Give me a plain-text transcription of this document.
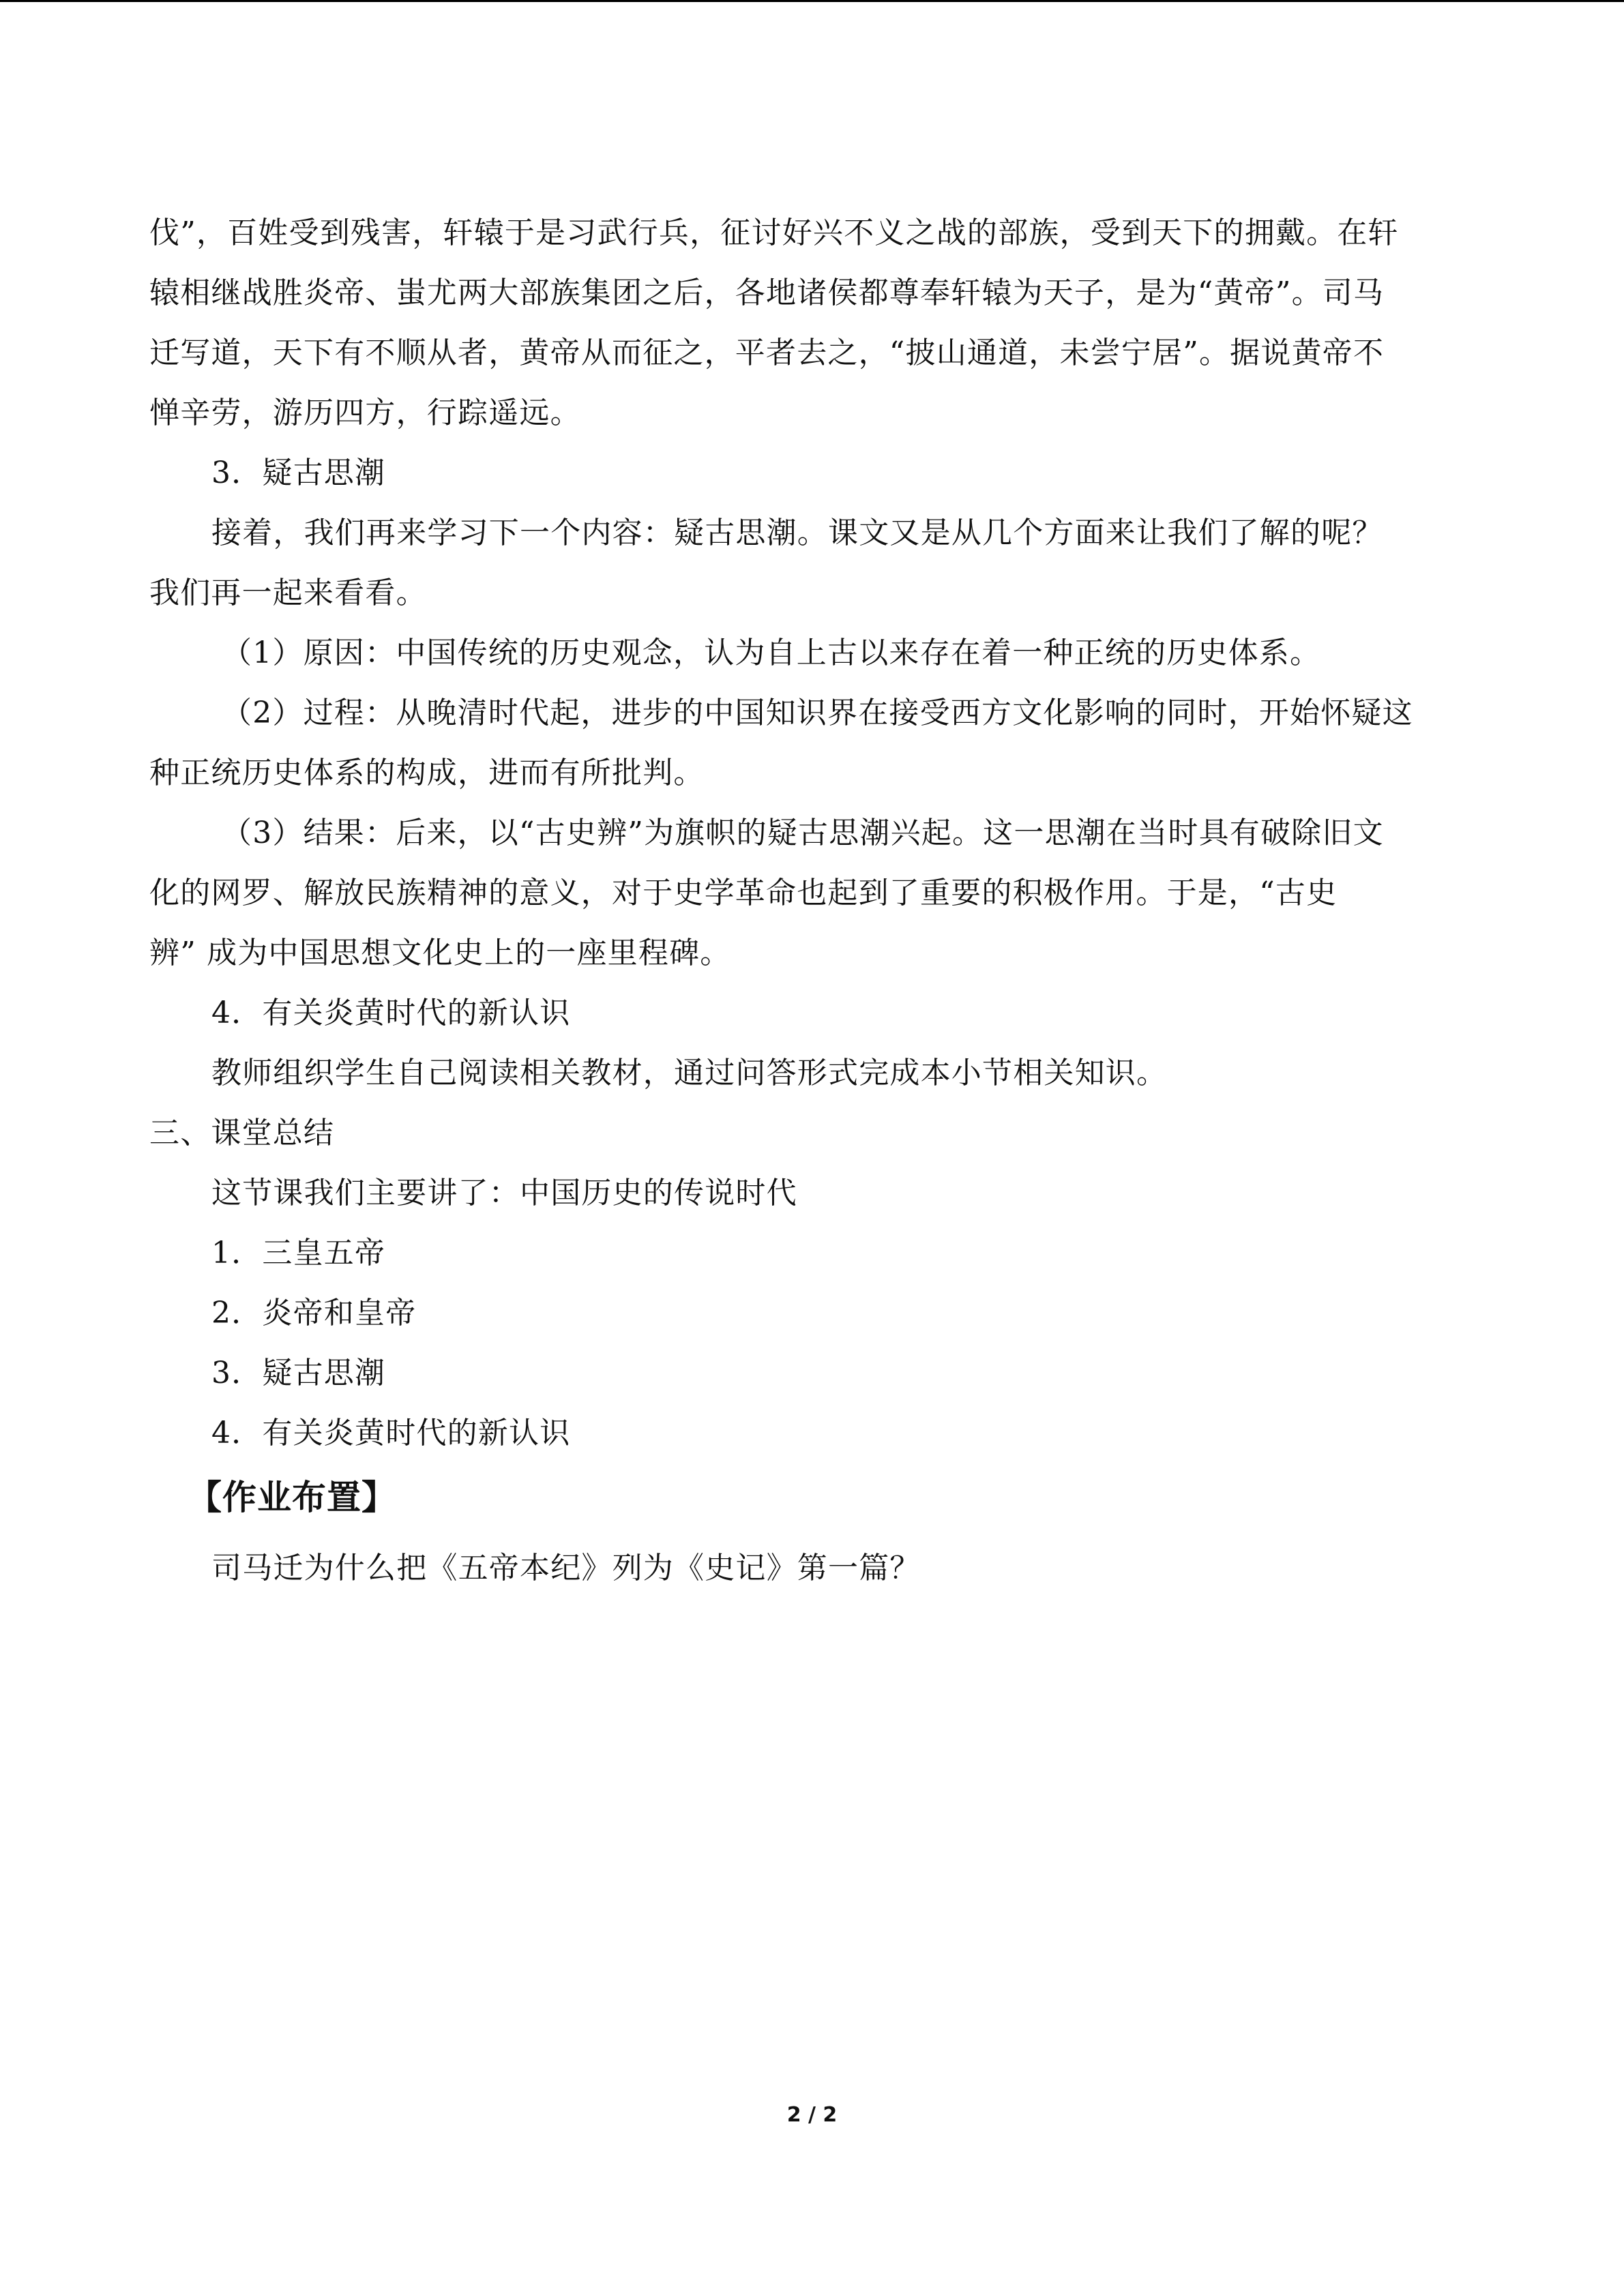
伐”，百姓受到残害，轩辕于是习武行兵，征讨好兴不义之战的部族，受到天下的拥戴。在轩
辕相继战胜炎帝、蚩尤两大部族集团之后，各地诸侯都尊奉轩辕为天子，是为“黄帝”。司马
迁写道，天下有不顺从者，黄帝从而征之，平者去之，“披山通道，未尝宁居”。据说黄帝不
惮辛劳，游历四方，行踪遥远。
3．疑古思潮
接着，我们再来学习下一个内容：疑古思潮。课文又是从几个方面来让我们了解的呢？
我们再一起来看看。
（1）原因：中国传统的历史观念，认为自上古以来存在着一种正统的历史体系。
（2）过程：从晚清时代起，进步的中国知识界在接受西方文化影响的同时，开始怀疑这
种正统历史体系的构成，进而有所批判。
（3）结果：后来，以“古史辨”为旗帜的疑古思潮兴起。这一思潮在当时具有破除旧文
化的网罗、解放民族精神的意义，对于史学革命也起到了重要的积极作用。于是，“古史
辨” 成为中国思想文化史上的一座里程碑。
4．有关炎黄时代的新认识
教师组织学生自己阅读相关教材，通过问答形式完成本小节相关知识。
三、课堂总结
这节课我们主要讲了：中国历史的传说时代
1．三皇五帝
2．炎帝和皇帝
3．疑古思潮
4．有关炎黄时代的新认识
【作业布置】
司马迁为什么把《五帝本纪》列为《史记》第一篇？
2 / 2
